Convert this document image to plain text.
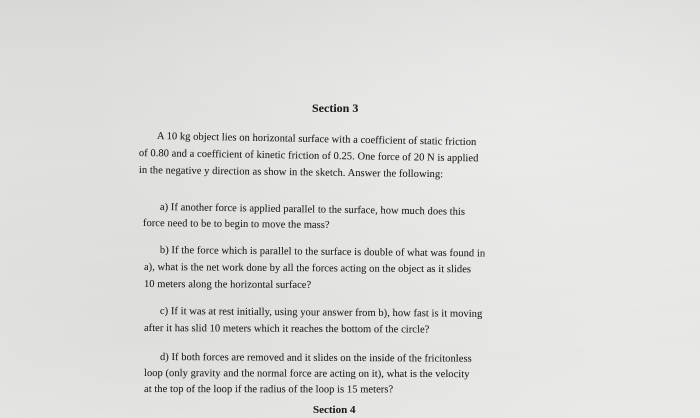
Section 3
A 10 kg object lies on horizontal surface with a coefficient of static friction
of 0.80 and a coefficient of kinetic friction of 0.25. One force of 20 N is applied
in the negative y direction as show in the sketch. Answer the following:
a) If another force is applied parallel to the surface, how much does this
force need to be to begin to move the mass?
b) If the force which is parallel to the surface is double of what was found in
a), what is the net work done by all the forces acting on the object as it slides
10 meters along the horizontal surface?
c) If it was at rest initially, using your answer from b), how fast is it moving
after it has slid 10 meters which it reaches the bottom of the circle?
d) If both forces are removed and it slides on the inside of the fricitonless
loop (only gravity and the normal force are acting on it), what is the velocity
at the top of the loop if the radius of the loop is 15 meters?
Section 4
